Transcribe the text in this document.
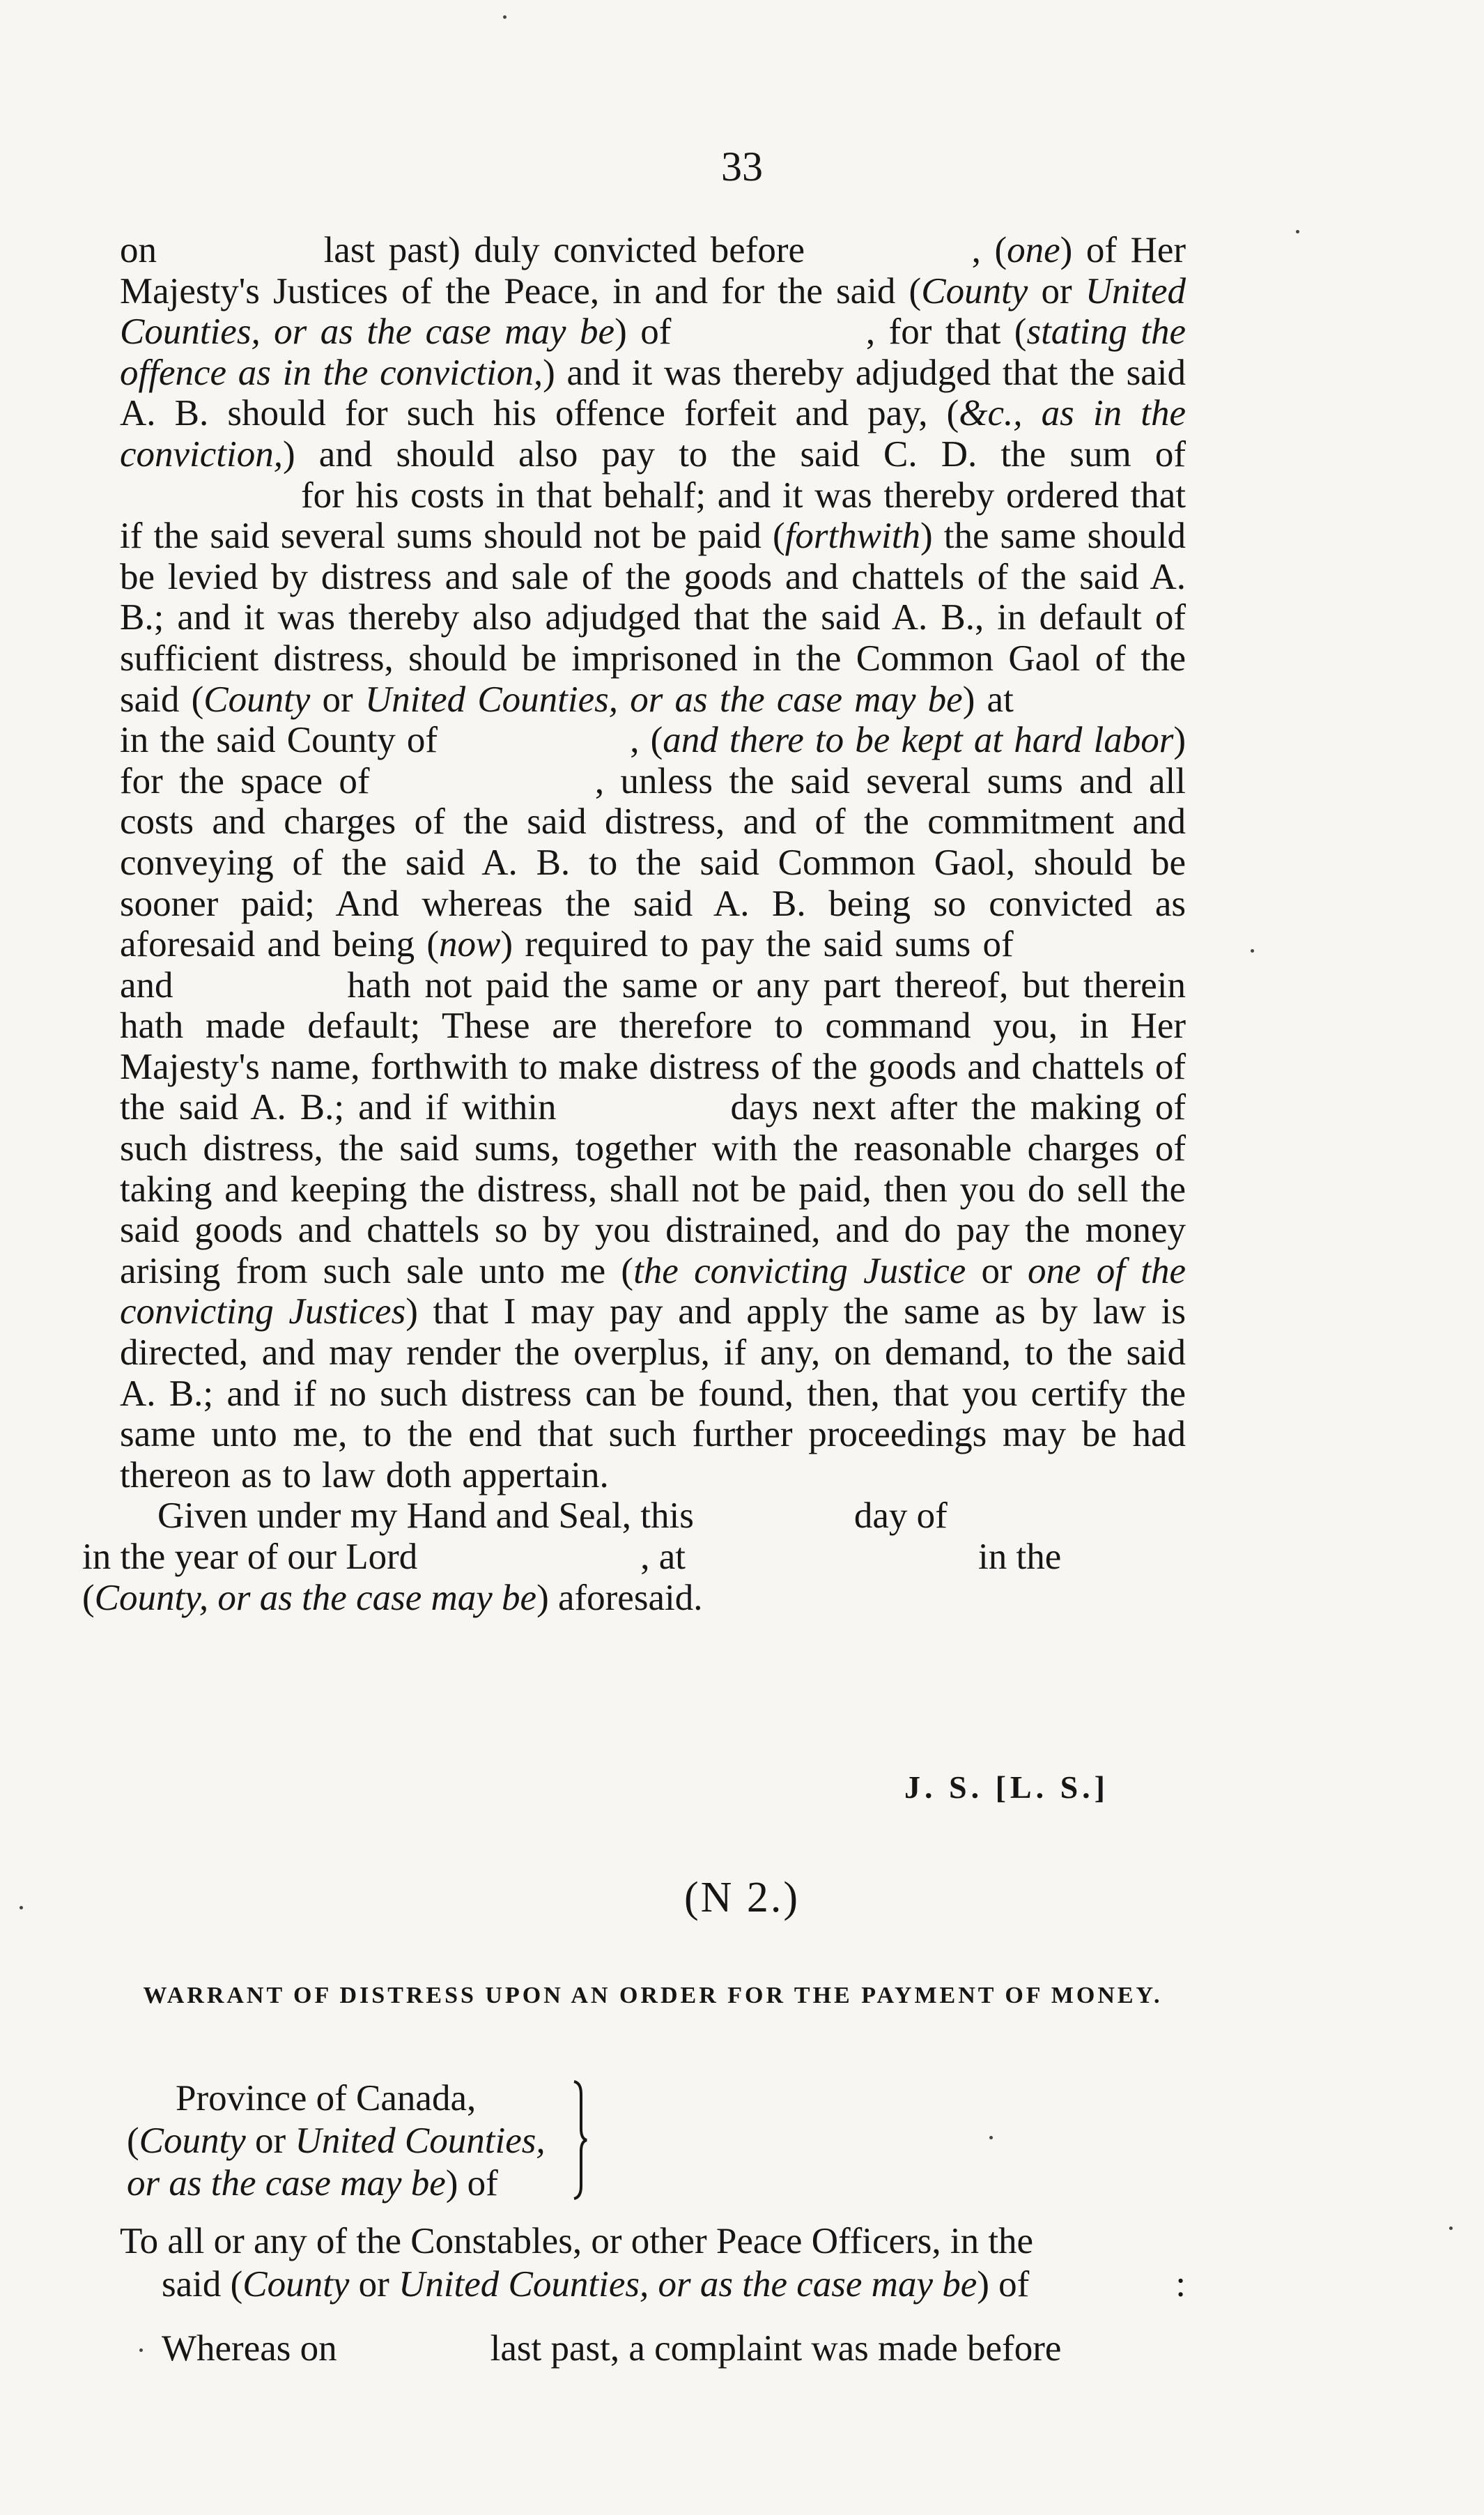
33

on	last past) duly convicted before	, (one) of Her Majesty's Justices of the Peace, in and for the said (County or United Counties, or as the case may be) of	, for that (stating the offence as in the conviction,) and it was thereby adjudged that the said A. B. should for such his offence forfeit and pay, (&c., as in the conviction,) and should also pay to the said C. D. the sum of for his costs in that behalf; and it was thereby ordered that if the said several sums should not be paid (forthwith) the same should be levied by distress and sale of the goods and chattels of the said A. B.; and it was thereby also adjudged that the said A. B., in default of sufficient distress, should be imprisoned in the Common Gaol of the said (County or United Counties, or as the case may be) at in the said County of	, (and there to be kept at hard labor) for the space of	, unless the said several sums and all costs and charges of the said distress, and of the commitment and conveying of the said A. B. to the said Common Gaol, should be sooner paid; And whereas the said A. B. being so convicted as aforesaid and being (now) required to pay the said sums of and	hath not paid the same or any part thereof, but therein hath made default; These are therefore to command you, in Her Majesty's name, forthwith to make distress of the goods and chattels of the said A. B.; and if within	days next after the making of such distress, the said sums, together with the reasonable charges of taking and keeping the distress, shall not be paid, then you do sell the said goods and chattels so by you distrained, and do pay the money arising from such sale unto me (the convicting Justice or one of the convicting Justices) that I may pay and apply the same as by law is directed, and may render the overplus, if any, on demand, to the said A. B.; and if no such distress can be found, then, that you certify the same unto me, to the end that such further proceedings may be had thereon as to law doth appertain.

Given under my Hand and Seal, this	day of
in the year of our Lord	, at	in the
(County, or as the case may be) aforesaid.

J. S. [L. S.]
(N 2.)
WARRANT OF DISTRESS UPON AN ORDER FOR THE PAYMENT OF MONEY.
Province of Canada,
(County or United Counties,
or as the case may be) of
To all or any of the Constables, or other Peace Officers, in the
said (County or United Counties, or as the case may be) of	:
Whereas on	last past, a complaint was made before
